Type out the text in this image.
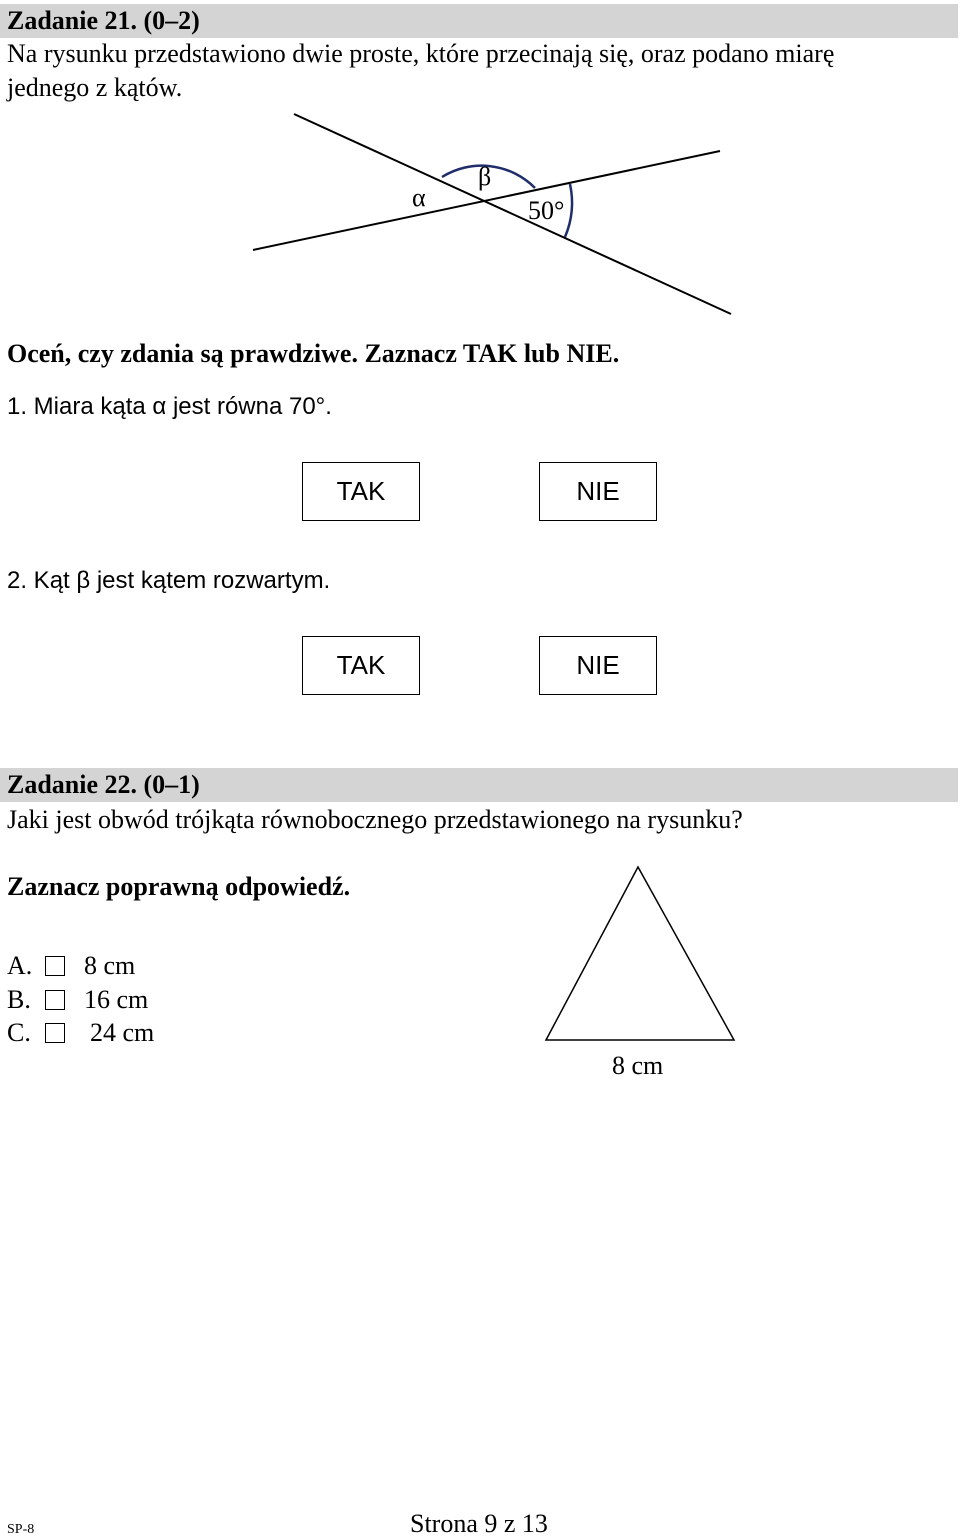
Zadanie 21. (0–2)
Na rysunku przedstawiono dwie proste, które przecinają się, oraz podano miarę
jednego z kątów.
α
β
50°
Oceń, czy zdania są prawdziwe. Zaznacz TAK lub NIE.
1. Miara kąta α jest równa 70°.
TAK	NIE
2. Kąt β jest kątem rozwartym.
TAK	NIE
Zadanie 22. (0–1)
Jaki jest obwód trójkąta równobocznego przedstawionego na rysunku?
Zaznacz poprawną odpowiedź.
A. 8 cm
B. 16 cm
C. 24 cm
8 cm
SP-8	Strona 9 z 13
